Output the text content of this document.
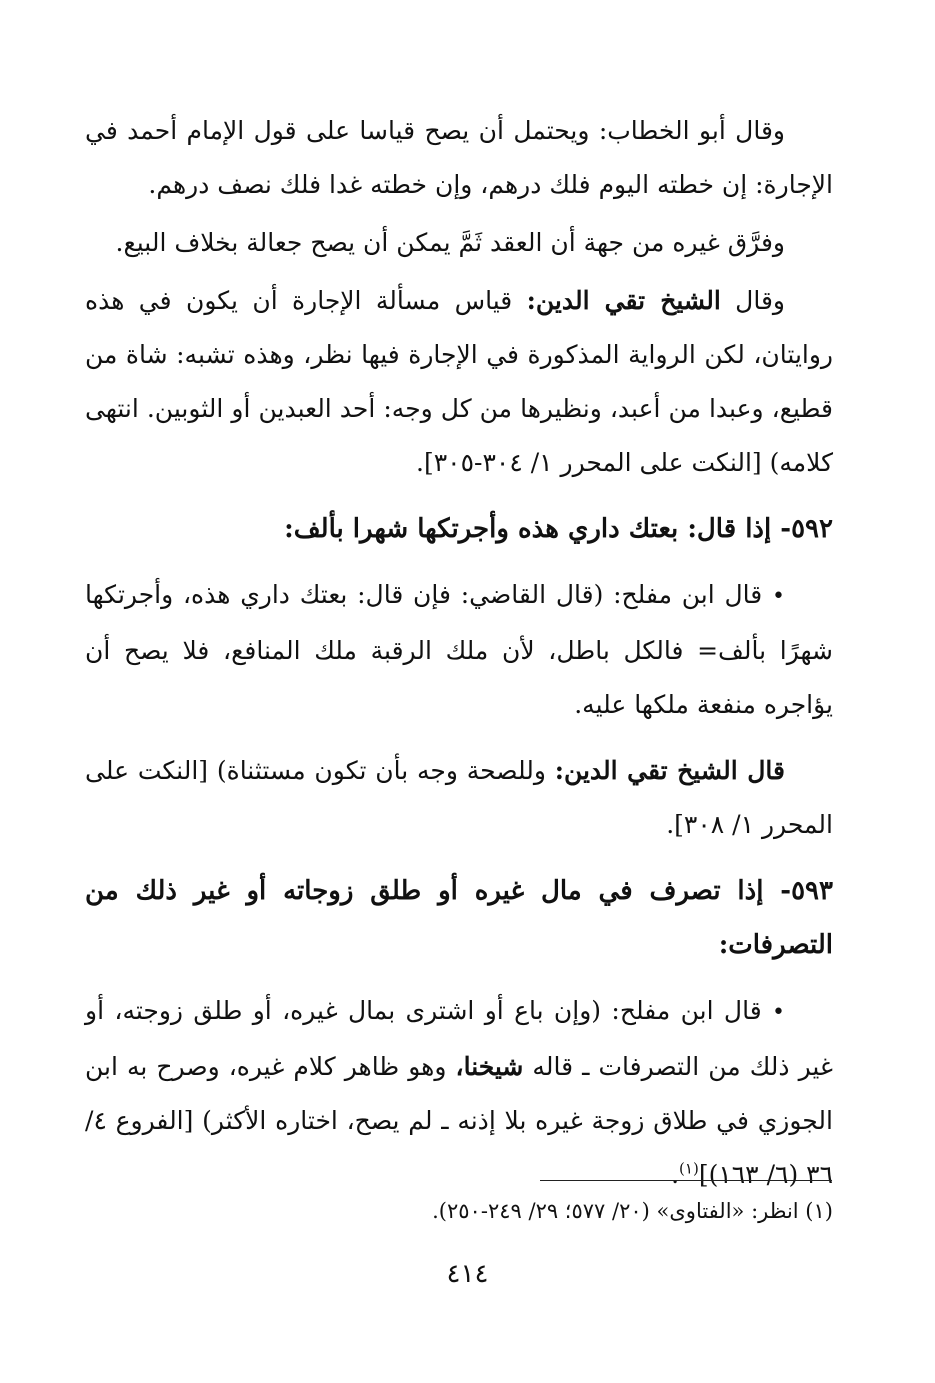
وقال أبو الخطاب: ويحتمل أن يصح قياسا على قول الإمام أحمد في الإجارة: إن خطته اليوم فلك درهم، وإن خطته غدا فلك نصف درهم.

وفرَّق غيره من جهة أن العقد ثَمَّ يمكن أن يصح جعالة بخلاف البيع.

وقال الشيخ تقي الدين: قياس مسألة الإجارة أن يكون في هذه روايتان، لكن الرواية المذكورة في الإجارة فيها نظر، وهذه تشبه: شاة من قطيع، وعبدا من أعبد، ونظيرها من كل وجه: أحد العبدين أو الثوبين. انتهى كلامه) [النكت على المحرر ١/ ٣٠٤-٣٠٥].

٥٩٢- إذا قال: بعتك داري هذه وأجرتكها شهرا بألف:

• قال ابن مفلح: (قال القاضي: فإن قال: بعتك داري هذه، وأجرتكها شهرًا بألف= فالكل باطل، لأن ملك الرقبة ملك المنافع، فلا يصح أن يؤاجره منفعة ملكها عليه.

قال الشيخ تقي الدين: وللصحة وجه بأن تكون مستثناة) [النكت على المحرر ١/ ٣٠٨].

٥٩٣- إذا تصرف في مال غيره أو طلق زوجاته أو غير ذلك من التصرفات:

• قال ابن مفلح: (وإن باع أو اشترى بمال غيره، أو طلق زوجته، أو غير ذلك من التصرفات ـ قاله شيخنا، وهو ظاهر كلام غيره، وصرح به ابن الجوزي في طلاق زوجة غيره بلا إذنه ـ لم يصح، اختاره الأكثر) [الفروع ٤/ ٣٦ (٦/ ١٦٣)]$^{(١)}$.

(١) انظر: «الفتاوى» (٢٠/ ٥٧٧؛ ٢٩/ ٢٤٩-٢٥٠).

٤١٤
